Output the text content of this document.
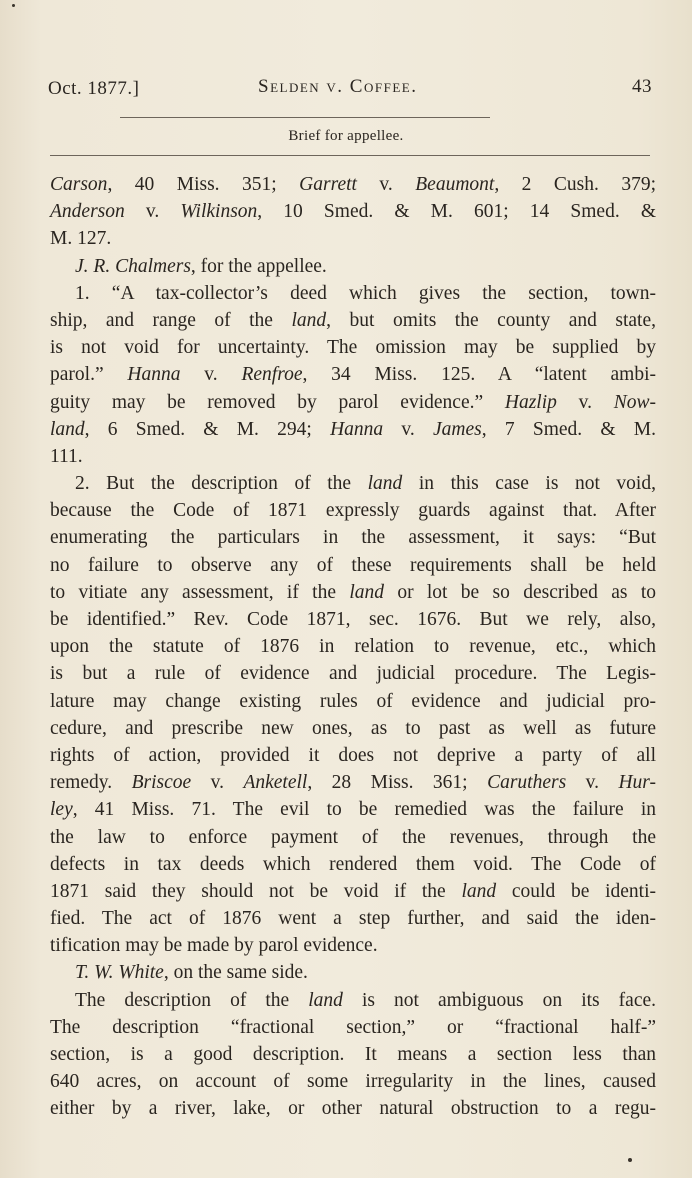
Oct. 1877.]	Selden v. Coffee.	43
Brief for appellee.
Carson, 40 Miss. 351; Garrett v. Beaumont, 2 Cush. 379;
Anderson v. Wilkinson, 10 Smed. & M. 601; 14 Smed. &
M. 127.
J. R. Chalmers, for the appellee.
1. “A tax-collector’s deed which gives the section, town-
ship, and range of the land, but omits the county and state,
is not void for uncertainty. The omission may be supplied by
parol.” Hanna v. Renfroe, 34 Miss. 125. A “latent ambi-
guity may be removed by parol evidence.” Hazlip v. Now-
land, 6 Smed. & M. 294; Hanna v. James, 7 Smed. & M.
111.
2. But the description of the land in this case is not void,
because the Code of 1871 expressly guards against that. After
enumerating the particulars in the assessment, it says: “But
no failure to observe any of these requirements shall be held
to vitiate any assessment, if the land or lot be so described as to
be identified.” Rev. Code 1871, sec. 1676. But we rely, also,
upon the statute of 1876 in relation to revenue, etc., which
is but a rule of evidence and judicial procedure. The Legis-
lature may change existing rules of evidence and judicial pro-
cedure, and prescribe new ones, as to past as well as future
rights of action, provided it does not deprive a party of all
remedy. Briscoe v. Anketell, 28 Miss. 361; Caruthers v. Hur-
ley, 41 Miss. 71. The evil to be remedied was the failure in
the law to enforce payment of the revenues, through the
defects in tax deeds which rendered them void. The Code of
1871 said they should not be void if the land could be identi-
fied. The act of 1876 went a step further, and said the iden-
tification may be made by parol evidence.
T. W. White, on the same side.
The description of the land is not ambiguous on its face.
The description “fractional section,” or “fractional half-”
section, is a good description. It means a section less than
640 acres, on account of some irregularity in the lines, caused
either by a river, lake, or other natural obstruction to a regu-
